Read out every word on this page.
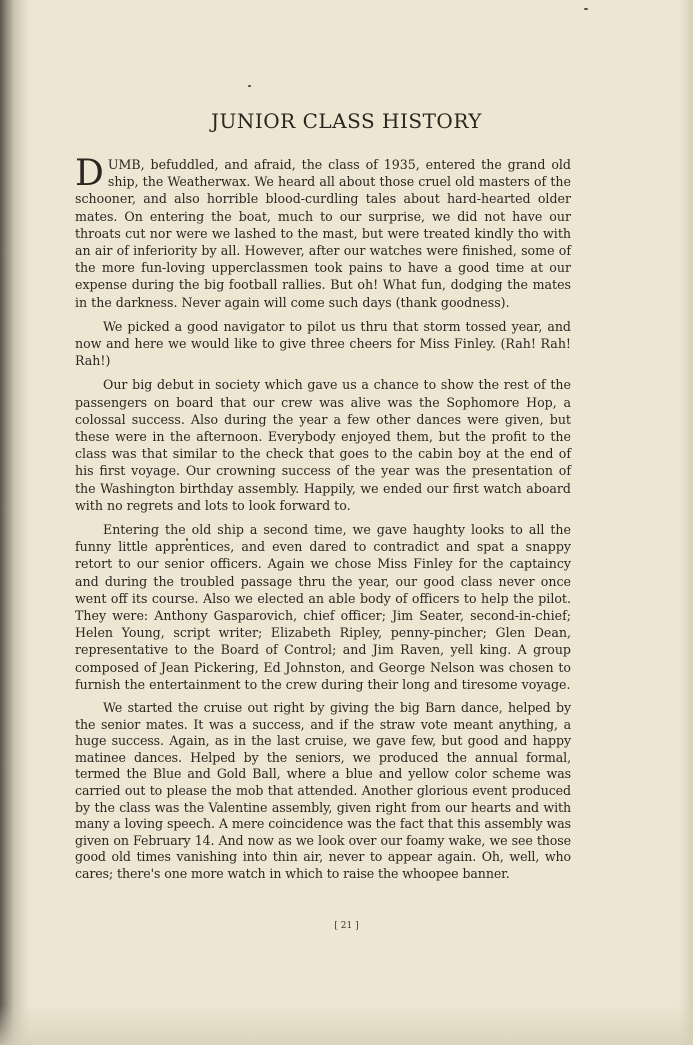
JUNIOR CLASS HISTORY

DUMB, befuddled, and afraid, the class of 1935, entered the grand old ship, the Weatherwax. We heard all about those cruel old masters of the schooner, and also horrible blood-curdling tales about hard-hearted older mates. On entering the boat, much to our surprise, we did not have our throats cut nor were we lashed to the mast, but were treated kindly tho with an air of inferiority by all. However, after our watches were finished, some of the more fun-loving upperclassmen took pains to have a good time at our expense during the big football rallies. But oh! What fun, dodging the mates in the darkness. Never again will come such days (thank goodness).

We picked a good navigator to pilot us thru that storm tossed year, and now and here we would like to give three cheers for Miss Finley. (Rah! Rah! Rah!)

Our big debut in society which gave us a chance to show the rest of the passengers on board that our crew was alive was the Sophomore Hop, a colossal success. Also during the year a few other dances were given, but these were in the afternoon. Everybody enjoyed them, but the profit to the class was that similar to the check that goes to the cabin boy at the end of his first voyage. Our crowning success of the year was the presentation of the Washington birthday assembly. Happily, we ended our first watch aboard with no regrets and lots to look forward to.

Entering the old ship a second time, we gave haughty looks to all the funny little apprentices, and even dared to contradict and spat a snappy retort to our senior officers. Again we chose Miss Finley for the captaincy and during the troubled passage thru the year, our good class never once went off its course. Also we elected an able body of officers to help the pilot. They were: Anthony Gasparovich, chief officer; Jim Seater, second-in-chief; Helen Young, script writer; Elizabeth Ripley, penny-pincher; Glen Dean, representative to the Board of Control; and Jim Raven, yell king. A group composed of Jean Pickering, Ed Johnston, and George Nelson was chosen to furnish the entertainment to the crew during their long and tiresome voyage.

We started the cruise out right by giving the big Barn dance, helped by the senior mates. It was a success, and if the straw vote meant anything, a huge success. Again, as in the last cruise, we gave few, but good and happy matinee dances. Helped by the seniors, we produced the annual formal, termed the Blue and Gold Ball, where a blue and yellow color scheme was carried out to please the mob that attended. Another glorious event produced by the class was the Valentine assembly, given right from our hearts and with many a loving speech. A mere coincidence was the fact that this assembly was given on February 14. And now as we look over our foamy wake, we see those good old times vanishing into thin air, never to appear again. Oh, well, who cares; there's one more watch in which to raise the whoopee banner.

[ 21 ]
